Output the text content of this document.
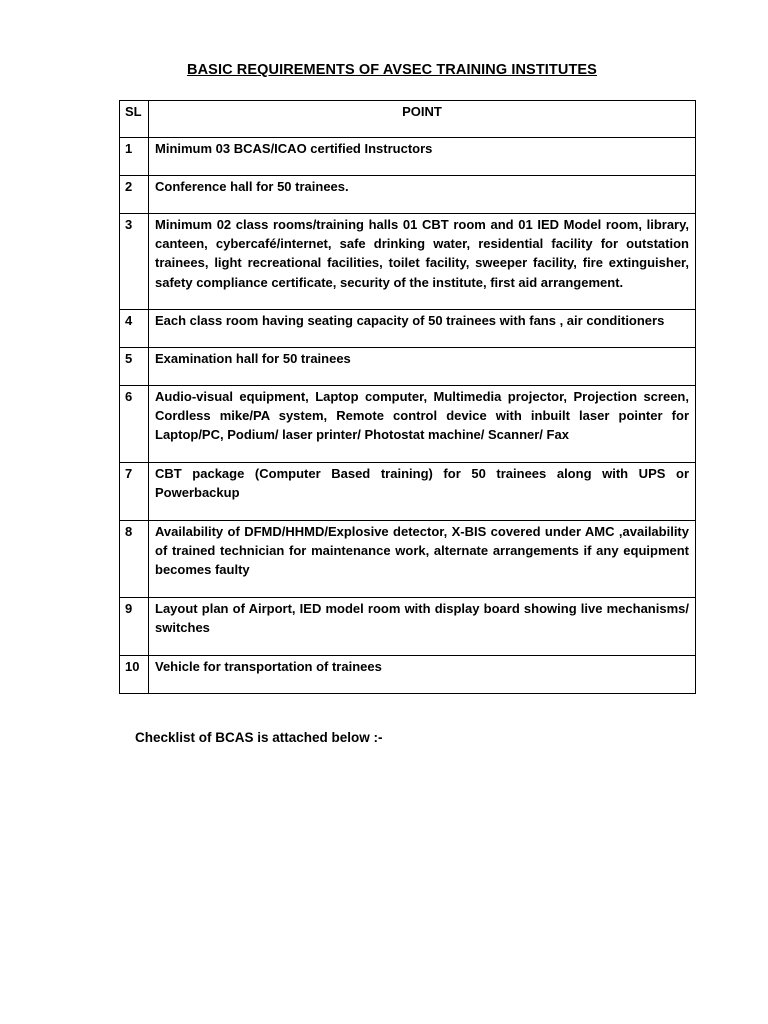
BASIC REQUIREMENTS OF AVSEC TRAINING INSTITUTES
SL	POINT
1	Minimum 03 BCAS/ICAO certified Instructors
2	Conference hall for 50 trainees.
3	Minimum 02 class rooms/training halls 01 CBT room and 01 IED Model room, library, canteen, cybercafé/internet, safe drinking water, residential facility for outstation trainees, light recreational facilities, toilet facility, sweeper facility, fire extinguisher, safety compliance certificate, security of the institute, first aid arrangement.
4	Each class room having seating capacity of 50 trainees with fans , air conditioners
5	Examination hall for 50 trainees
6	Audio-visual equipment, Laptop computer, Multimedia projector, Projection screen, Cordless mike/PA system, Remote control device with inbuilt laser pointer for Laptop/PC, Podium/ laser printer/ Photostat machine/ Scanner/ Fax
7	CBT package (Computer Based training) for 50 trainees along with UPS or Powerbackup
8	Availability of DFMD/HHMD/Explosive detector, X-BIS covered under AMC ,availability of trained technician for maintenance work, alternate arrangements if any equipment becomes faulty
9	Layout plan of Airport, IED model room with display board showing live mechanisms/ switches
10	Vehicle for transportation of trainees
Checklist of BCAS is attached below :-
